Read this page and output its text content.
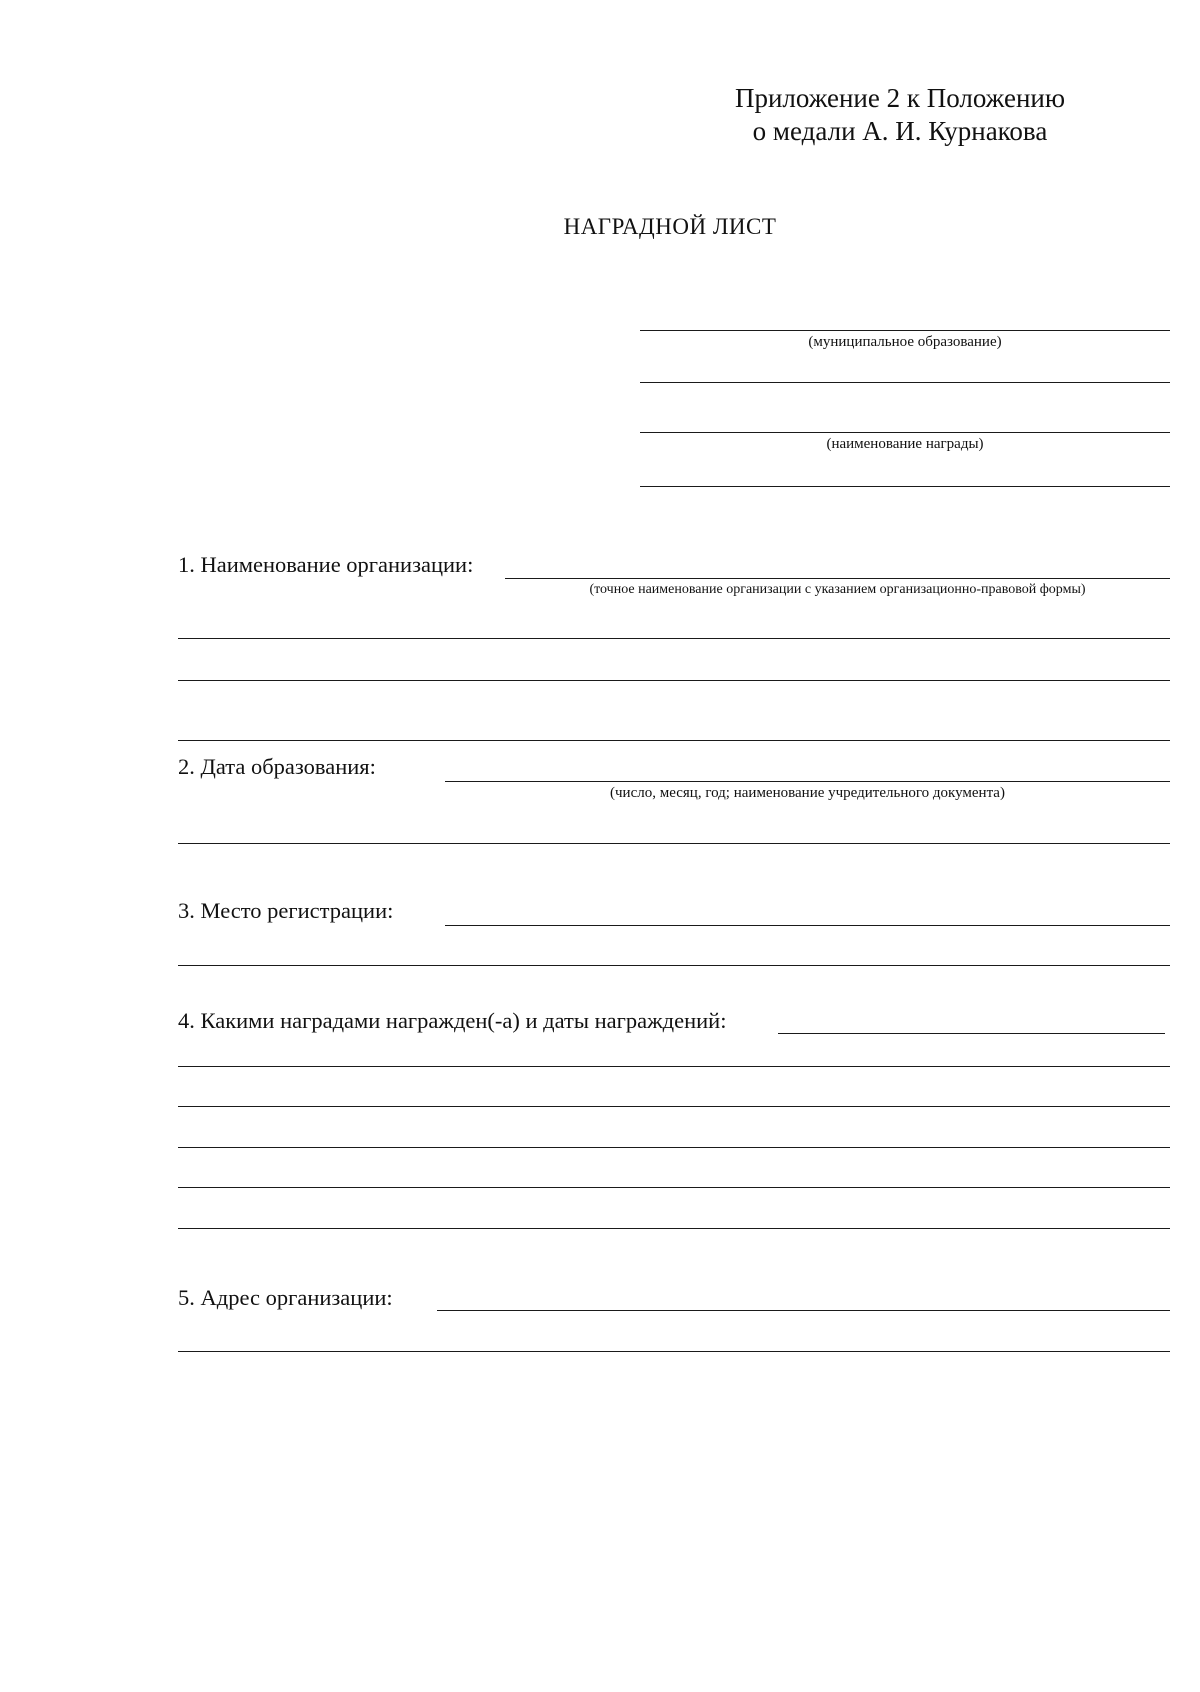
Приложение 2 к Положению
о медали А. И. Курнакова
НАГРАДНОЙ ЛИСТ
(муниципальное образование)
(наименование награды)
1. Наименование организации:
(точное наименование организации с указанием организационно-правовой формы)
2. Дата образования:
(число, месяц, год; наименование учредительного документа)
3. Место регистрации:
4. Какими наградами награжден(-а) и даты награждений:
5. Адрес организации:
